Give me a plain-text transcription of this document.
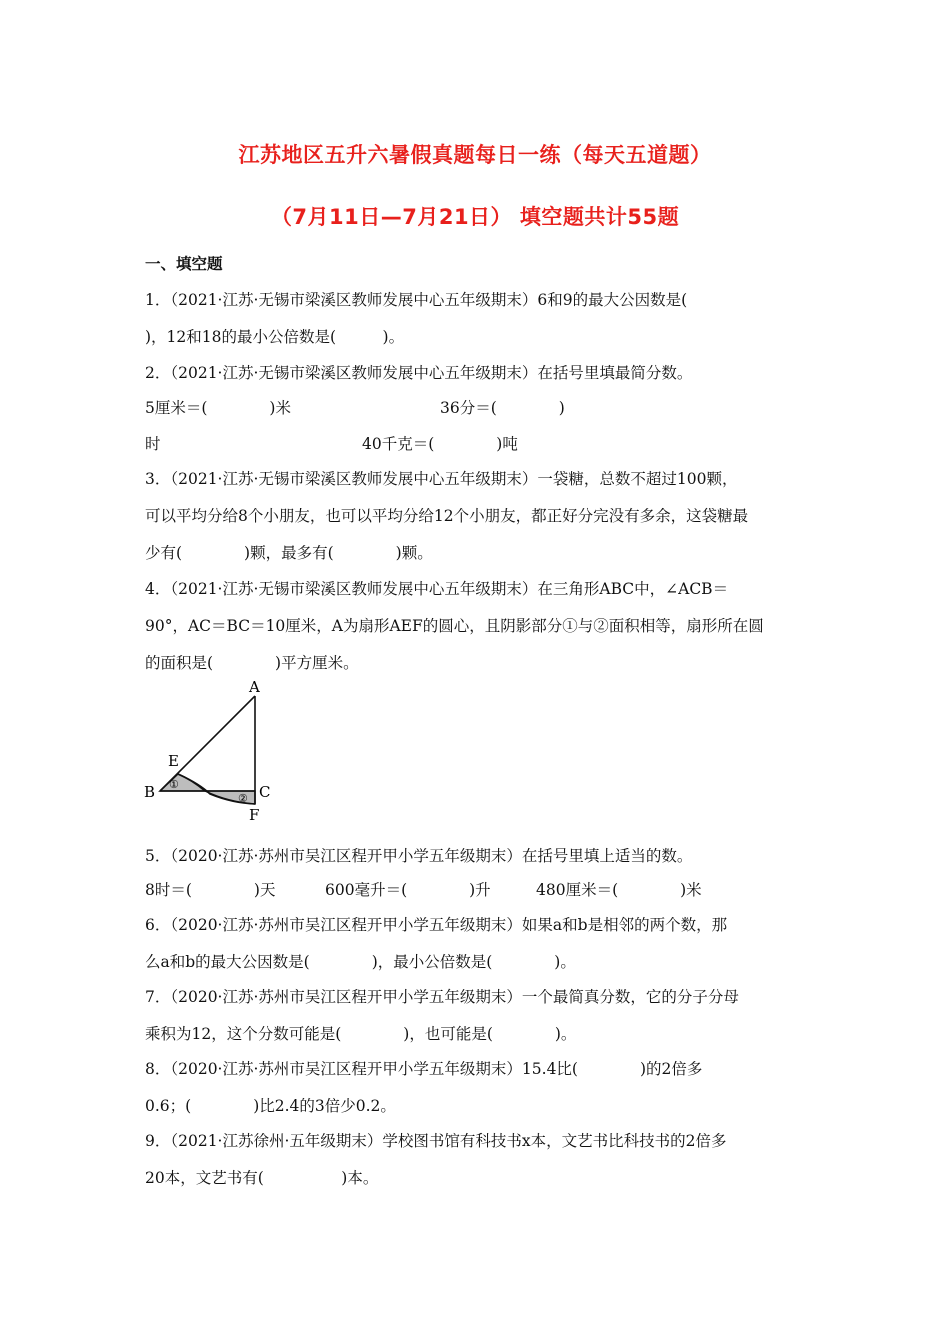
江苏地区五升六暑假真题每日一练（每天五道题）
（7月11日—7月21日） 填空题共计55题
一、填空题
1．（2021·江苏·无锡市梁溪区教师发展中心五年级期末）6和9的最大公因数是(
)，12和18的最小公倍数是(　　　)。
2．（2021·江苏·无锡市梁溪区教师发展中心五年级期末）在括号里填最简分数。
5厘米＝(　　　　)米	36分＝(　　　　)
时	40千克＝(　　　　)吨
3．（2021·江苏·无锡市梁溪区教师发展中心五年级期末）一袋糖，总数不超过100颗，
可以平均分给8个小朋友，也可以平均分给12个小朋友，都正好分完没有多余，这袋糖最
少有(　　　　)颗，最多有(　　　　)颗。
4．（2021·江苏·无锡市梁溪区教师发展中心五年级期末）在三角形ABC中，∠ACB＝
90°，AC＝BC＝10厘米，A为扇形AEF的圆心，且阴影部分①与②面积相等，扇形所在圆
的面积是(　　　　)平方厘米。
A
E
B	C
F
①
②
5．（2020·江苏·苏州市吴江区程开甲小学五年级期末）在括号里填上适当的数。
8时＝(　　　　)天	600毫升＝(　　　　)升	480厘米＝(　　　　)米
6．（2020·江苏·苏州市吴江区程开甲小学五年级期末）如果a和b是相邻的两个数，那
么a和b的最大公因数是(　　　　)，最小公倍数是(　　　　)。
7．（2020·江苏·苏州市吴江区程开甲小学五年级期末）一个最简真分数，它的分子分母
乘积为12，这个分数可能是(　　　　)，也可能是(　　　　)。
8．（2020·江苏·苏州市吴江区程开甲小学五年级期末）15.4比(　　　　)的2倍多
0.6；(　　　　)比2.4的3倍少0.2。
9．（2021·江苏徐州·五年级期末）学校图书馆有科技书x本，文艺书比科技书的2倍多
20本，文艺书有(　　　　　)本。
